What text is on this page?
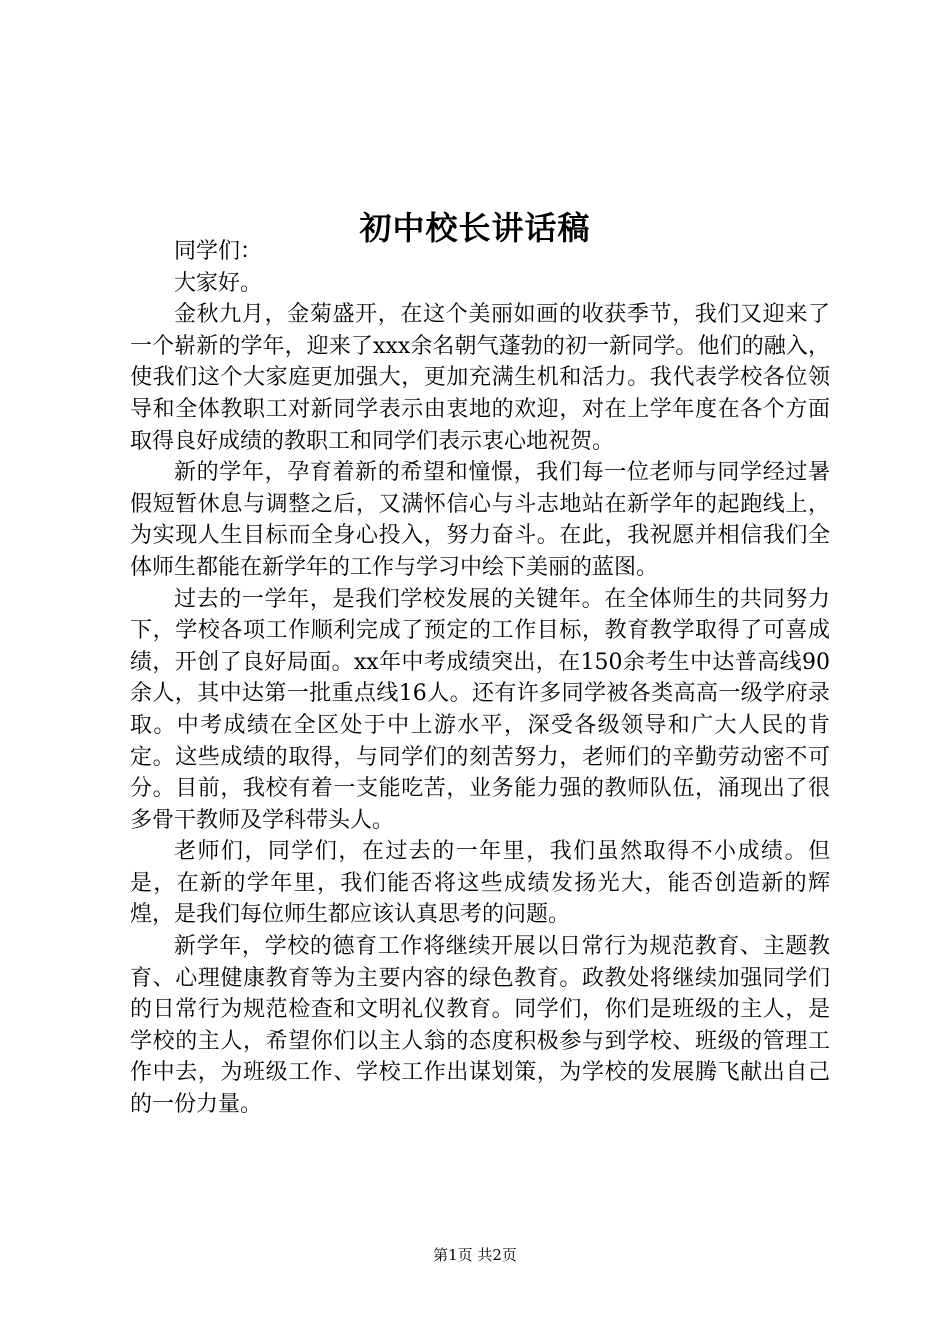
初中校长讲话稿

同学们：

大家好。

金秋九月，金菊盛开，在这个美丽如画的收获季节，我们又迎来了一个崭新的学年，迎来了xxx余名朝气蓬勃的初一新同学。他们的融入，使我们这个大家庭更加强大，更加充满生机和活力。我代表学校各位领导和全体教职工对新同学表示由衷地的欢迎，对在上学年度在各个方面取得良好成绩的教职工和同学们表示衷心地祝贺。

新的学年，孕育着新的希望和憧憬，我们每一位老师与同学经过暑假短暂休息与调整之后，又满怀信心与斗志地站在新学年的起跑线上，为实现人生目标而全身心投入，努力奋斗。在此，我祝愿并相信我们全体师生都能在新学年的工作与学习中绘下美丽的蓝图。

过去的一学年，是我们学校发展的关键年。在全体师生的共同努力下，学校各项工作顺利完成了预定的工作目标，教育教学取得了可喜成绩，开创了良好局面。xx年中考成绩突出，在150余考生中达普高线90余人，其中达第一批重点线16人。还有许多同学被各类高高一级学府录取。中考成绩在全区处于中上游水平，深受各级领导和广大人民的肯定。这些成绩的取得，与同学们的刻苦努力，老师们的辛勤劳动密不可分。目前，我校有着一支能吃苦，业务能力强的教师队伍，涌现出了很多骨干教师及学科带头人。

老师们，同学们，在过去的一年里，我们虽然取得不小成绩。但是，在新的学年里，我们能否将这些成绩发扬光大，能否创造新的辉煌，是我们每位师生都应该认真思考的问题。

新学年，学校的德育工作将继续开展以日常行为规范教育、主题教育、心理健康教育等为主要内容的绿色教育。政教处将继续加强同学们的日常行为规范检查和文明礼仪教育。同学们，你们是班级的主人，是学校的主人，希望你们以主人翁的态度积极参与到学校、班级的管理工作中去，为班级工作、学校工作出谋划策，为学校的发展腾飞献出自己的一份力量。

第1页 共2页
